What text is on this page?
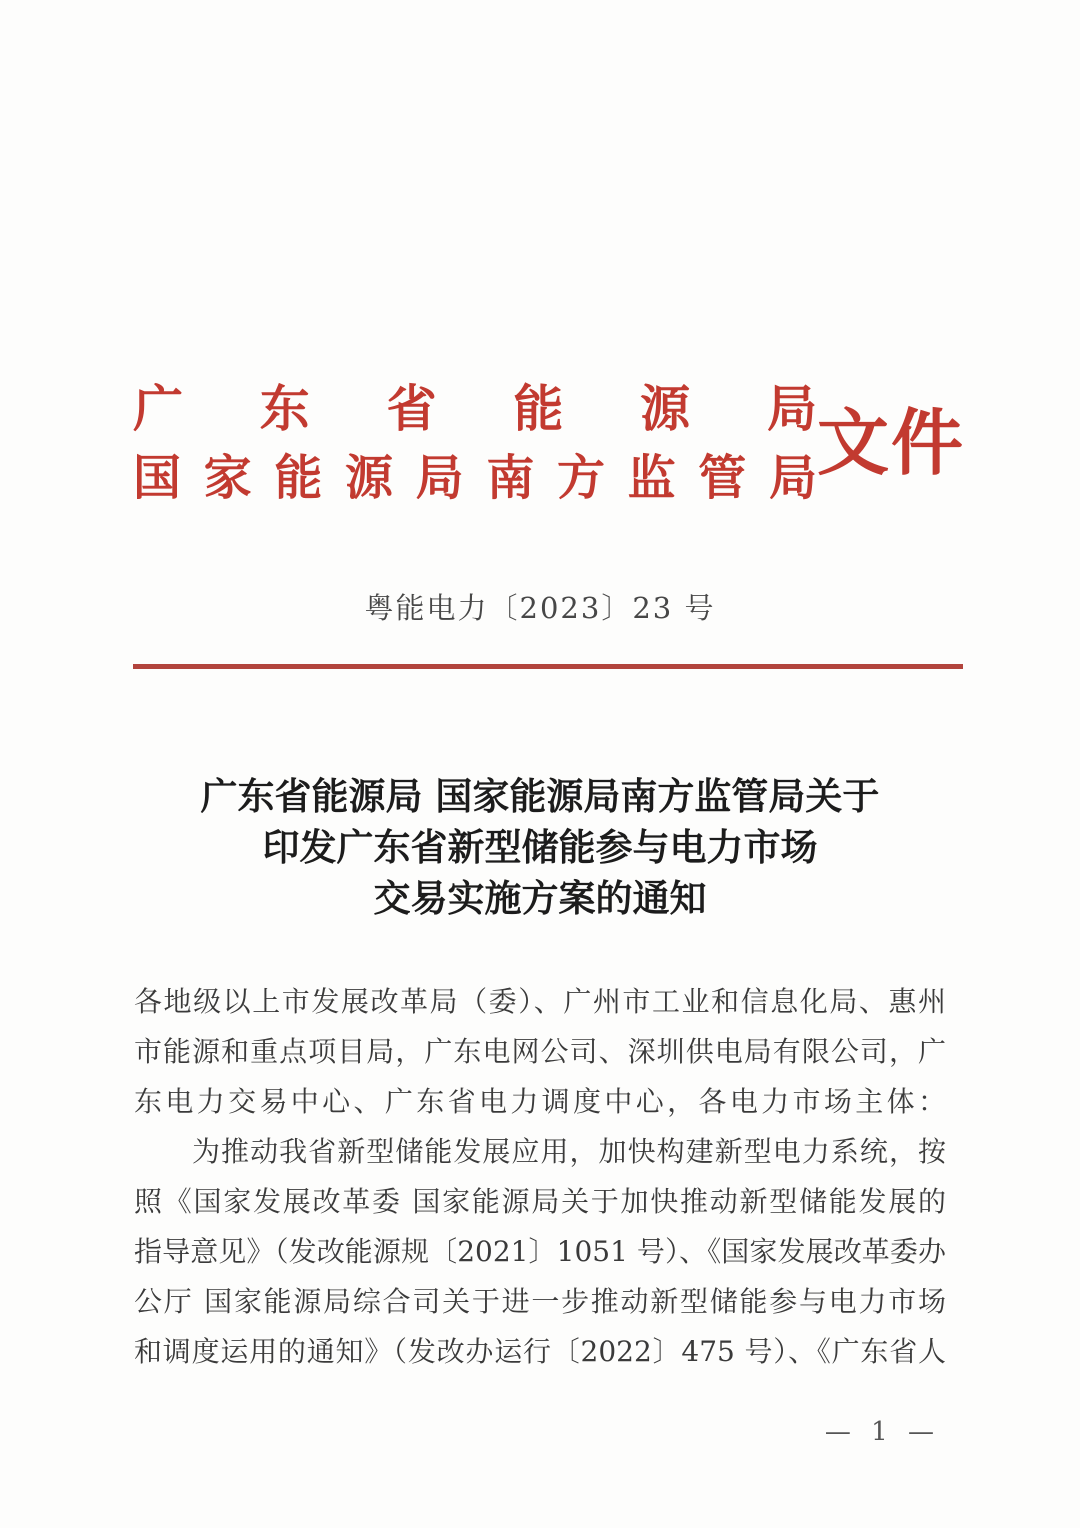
广东省能源局
国家能源局南方监管局 文件
粤能电力〔2023〕23 号
广东省能源局 国家能源局南方监管局关于
印发广东省新型储能参与电力市场
交易实施方案的通知
各地级以上市发展改革局（委）、广州市工业和信息化局、惠州
市能源和重点项目局，广东电网公司、深圳供电局有限公司，广
东电力交易中心、广东省电力调度中心，各电力市场主体：
为推动我省新型储能发展应用，加快构建新型电力系统，按
照《国家发展改革委 国家能源局关于加快推动新型储能发展的
指导意见》（发改能源规〔2021〕1051 号）、《国家发展改革委办
公厅 国家能源局综合司关于进一步推动新型储能参与电力市场
和调度运用的通知》（发改办运行〔2022〕475 号）、《广东省人
— 1 —
